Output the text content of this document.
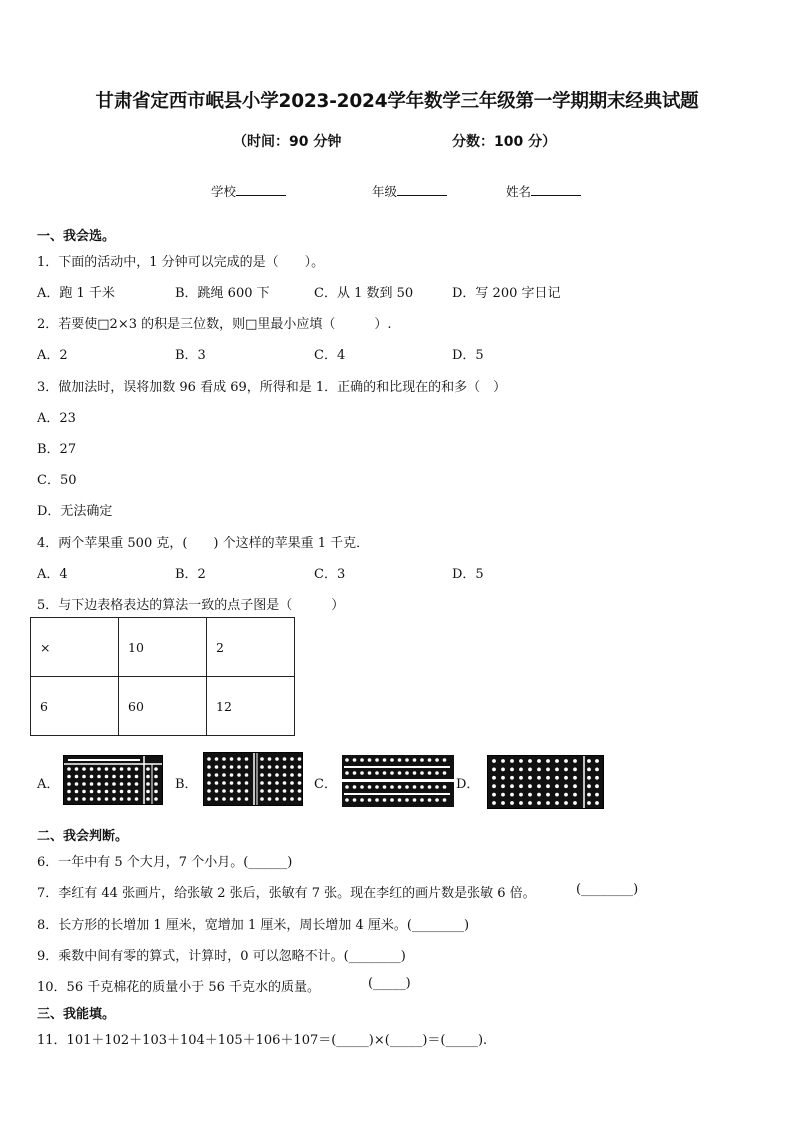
甘肃省定西市岷县小学2023-2024学年数学三年级第一学期期末经典试题
（时间：90 分钟	分数：100 分）
学校	年级	姓名
一、我会选。
1．下面的活动中，1 分钟可以完成的是（　　）。
A．跑 1 千米	B．跳绳 600 下	C．从 1 数到 50	D．写 200 字日记
2．若要使□2×3 的积是三位数，则□里最小应填（　　　）.
A．2	B．3	C．4	D．5
3．做加法时，误将加数 96 看成 69，所得和是 1．正确的和比现在的和多（　）
A．23
B．27
C．50
D．无法确定
4．两个苹果重 500 克，(　　) 个这样的苹果重 1 千克．
A．4	B．2	C．3	D．5
5．与下边表格表达的算法一致的点子图是（　　　）
×	10	2
6	60	12
A．	B．	C．	D．
二、我会判断。
6．一年中有 5 个大月，7 个小月。(______)
7．李红有 44 张画片，给张敏 2 张后，张敏有 7 张。现在李红的画片数是张敏 6 倍。	(________)
8．长方形的长增加 1 厘米，宽增加 1 厘米，周长增加 4 厘米。(________)
9．乘数中间有零的算式，计算时，0 可以忽略不计。(________)
10．56 千克棉花的质量小于 56 千克水的质量。	(_____)
三、我能填。
11．101＋102＋103＋104＋105＋106＋107＝(_____)×(_____)＝(_____).
